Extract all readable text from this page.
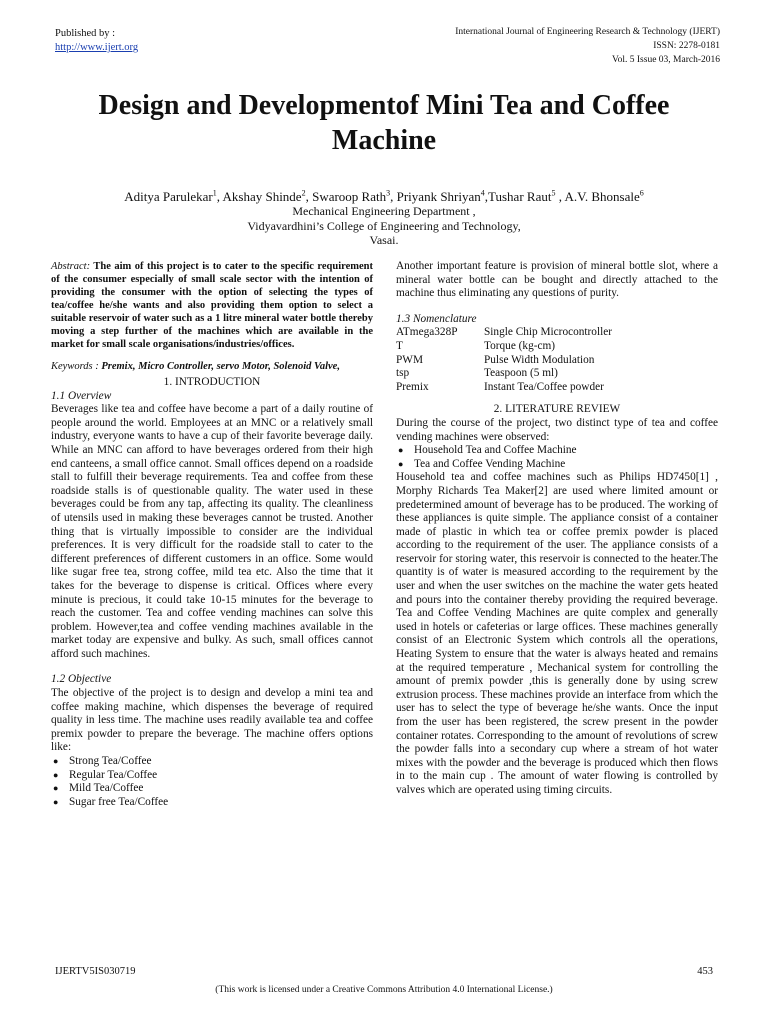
Published by :
http://www.ijert.org
International Journal of Engineering Research & Technology (IJERT)
ISSN: 2278-0181
Vol. 5 Issue 03, March-2016
Design and Developmentof Mini Tea and Coffee
Machine
Aditya Parulekar$^1$, Akshay Shinde$^2$, Swaroop Rath$^3$, Priyank Shriyan$^4$,Tushar Raut$^5$ , A.V. Bhonsale$^6$
Mechanical Engineering Department ,
Vidyavardhini’s College of Engineering and Technology,
Vasai.

Abstract: The aim of this project is to cater to the specific requirement of the consumer especially of small scale sector with the intention of providing the consumer with the option of selecting the types of tea/coffee he/she wants and also providing them option to select a suitable reservoir of water such as a 1 litre mineral water bottle thereby moving a step further of the machines which are available in the market for small scale organisations/industries/offices.

Keywords : Premix, Micro Controller, servo Motor, Solenoid Valve,

1. INTRODUCTION
1.1 Overview

Beverages like tea and coffee have become a part of a daily routine of people around the world. Employees at an MNC or a relatively small industry, everyone wants to have a cup of their favorite beverage daily. While an MNC can afford to have beverages ordered from their high end canteens, a small office cannot. Small offices depend on a roadside stall to fulfill their beverage requirements. Tea and coffee from these roadside stalls is of questionable quality. The water used in these beverages could be from any tap, affecting its quality. The cleanliness of utensils used in making these beverages cannot be trusted. Another thing that is virtually impossible to consider are the individual preferences. It is very difficult for the roadside stall to cater to the different preferences of different customers in an office. Some would like sugar free tea, strong coffee, mild tea etc. Also the time that it takes for the beverage to dispense is critical. Offices where every minute is precious, it could take 10-15 minutes for the beverage to reach the customer. Tea and coffee vending machines can solve this problem. However,tea and coffee vending machines available in the market today are expensive and bulky. As such, small offices cannot afford such machines.

1.2 Objective

The objective of the project is to design and develop a mini tea and coffee making machine, which dispenses the beverage of required quality in less time. The machine uses readily available tea and coffee premix powder to prepare the beverage. The machine offers options like:

● Strong Tea/Coffee
● Regular Tea/Coffee
● Mild Tea/Coffee
● Sugar free Tea/Coffee

Another important feature is provision of mineral bottle slot, where a mineral water bottle can be bought and directly attached to the machine thus eliminating any questions of purity.

1.3 Nomenclature
ATmega328P	Single Chip Microcontroller
T	Torque (kg-cm)
PWM	Pulse Width Modulation
tsp	Teaspoon (5 ml)
Premix	Instant Tea/Coffee powder
2. LITERATURE REVIEW

During the course of the project, two distinct type of tea and coffee vending machines were observed:

● Household Tea and Coffee Machine
● Tea and Coffee Vending Machine

Household tea and coffee machines such as Philips HD7450[1] , Morphy Richards Tea Maker[2] are used where limited amount or predetermined amount of beverage has to be produced. The working of these appliances is quite simple. The appliance consist of a container made of plastic in which tea or coffee premix powder is placed according to the requirement of the user. The appliance consists of a reservoir for storing water, this reservoir is connected to the heater.The quantity is of water is measured according to the requirement by the user and when the user switches on the machine the water gets heated and pours into the container thereby providing the required beverage. Tea and Coffee Vending Machines are quite complex and generally used in hotels or cafeterias or large offices. These machines generally consist of an Electronic System which controls all the operations, Heating System to ensure that the water is always heated and remains at the required temperature , Mechanical system for controlling the amount of premix powder ,this is generally done by using screw extrusion process. These machines provide an interface from which the user has to select the type of beverage he/she wants. Once the input from the user has been registered, the screw present in the powder container rotates. Corresponding to the amount of revolutions of screw the powder falls into a secondary cup where a stream of hot water mixes with the powder and the beverage is produced which then flows in to the main cup . The amount of water flowing is controlled by valves which are operated using timing circuits.

IJERTV5IS030719	453
(This work is licensed under a Creative Commons Attribution 4.0 International License.)
